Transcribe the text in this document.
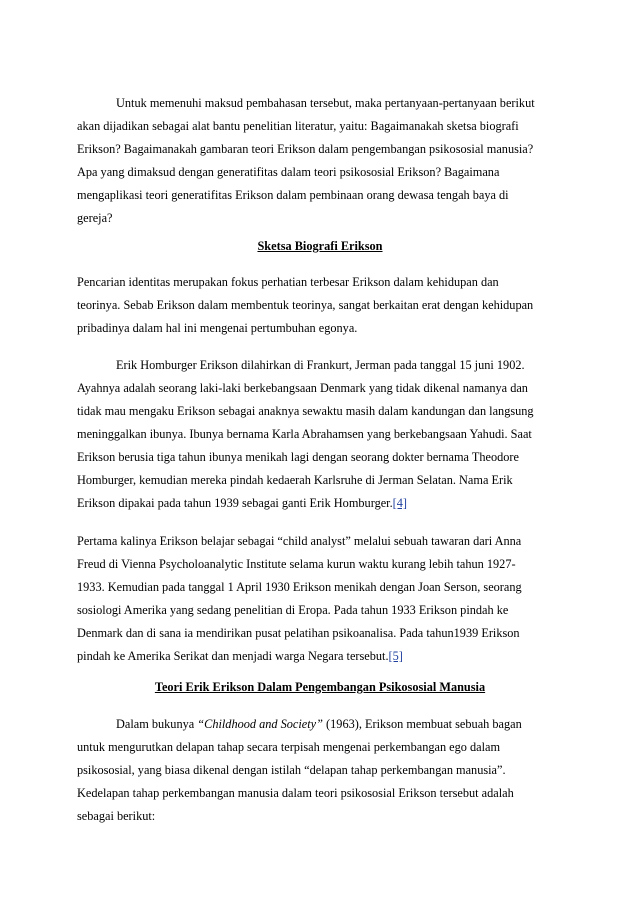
Untuk memenuhi maksud pembahasan tersebut, maka pertanyaan-pertanyaan berikut
akan dijadikan sebagai alat bantu penelitian literatur, yaitu: Bagaimanakah sketsa biografi
Erikson? Bagaimanakah gambaran teori Erikson dalam pengembangan psikososial manusia?
Apa yang dimaksud dengan generatifitas dalam teori psikososial Erikson? Bagaimana
mengaplikasi teori generatifitas Erikson dalam pembinaan orang dewasa tengah baya di
gereja?
Sketsa Biografi Erikson
Pencarian identitas merupakan fokus perhatian terbesar Erikson dalam kehidupan dan
teorinya. Sebab Erikson dalam membentuk teorinya, sangat berkaitan erat dengan kehidupan
pribadinya dalam hal ini mengenai pertumbuhan egonya.
Erik Homburger Erikson dilahirkan di Frankurt, Jerman pada tanggal 15 juni 1902.
Ayahnya adalah seorang laki-laki berkebangsaan Denmark yang tidak dikenal namanya dan
tidak mau mengaku Erikson sebagai anaknya sewaktu masih dalam kandungan dan langsung
meninggalkan ibunya. Ibunya bernama Karla Abrahamsen yang berkebangsaan Yahudi. Saat
Erikson berusia tiga tahun ibunya menikah lagi dengan seorang dokter bernama Theodore
Homburger, kemudian mereka pindah kedaerah Karlsruhe di Jerman Selatan. Nama Erik
Erikson dipakai pada tahun 1939 sebagai ganti Erik Homburger.[4]
Pertama kalinya Erikson belajar sebagai “child analyst” melalui sebuah tawaran dari Anna
Freud di Vienna Psycholoanalytic Institute selama kurun waktu kurang lebih tahun 1927-
1933. Kemudian pada tanggal 1 April 1930 Erikson menikah dengan Joan Serson, seorang
sosiologi Amerika yang sedang penelitian di Eropa. Pada tahun 1933 Erikson pindah ke
Denmark dan di sana ia mendirikan pusat pelatihan psikoanalisa. Pada tahun1939 Erikson
pindah ke Amerika Serikat dan menjadi warga Negara tersebut.[5]
Teori Erik Erikson Dalam Pengembangan Psikososial Manusia
Dalam bukunya “Childhood and Society” (1963), Erikson membuat sebuah bagan
untuk mengurutkan delapan tahap secara terpisah mengenai perkembangan ego dalam
psikososial, yang biasa dikenal dengan istilah “delapan tahap perkembangan manusia”.
Kedelapan tahap perkembangan manusia dalam teori psikososial Erikson tersebut adalah
sebagai berikut:
